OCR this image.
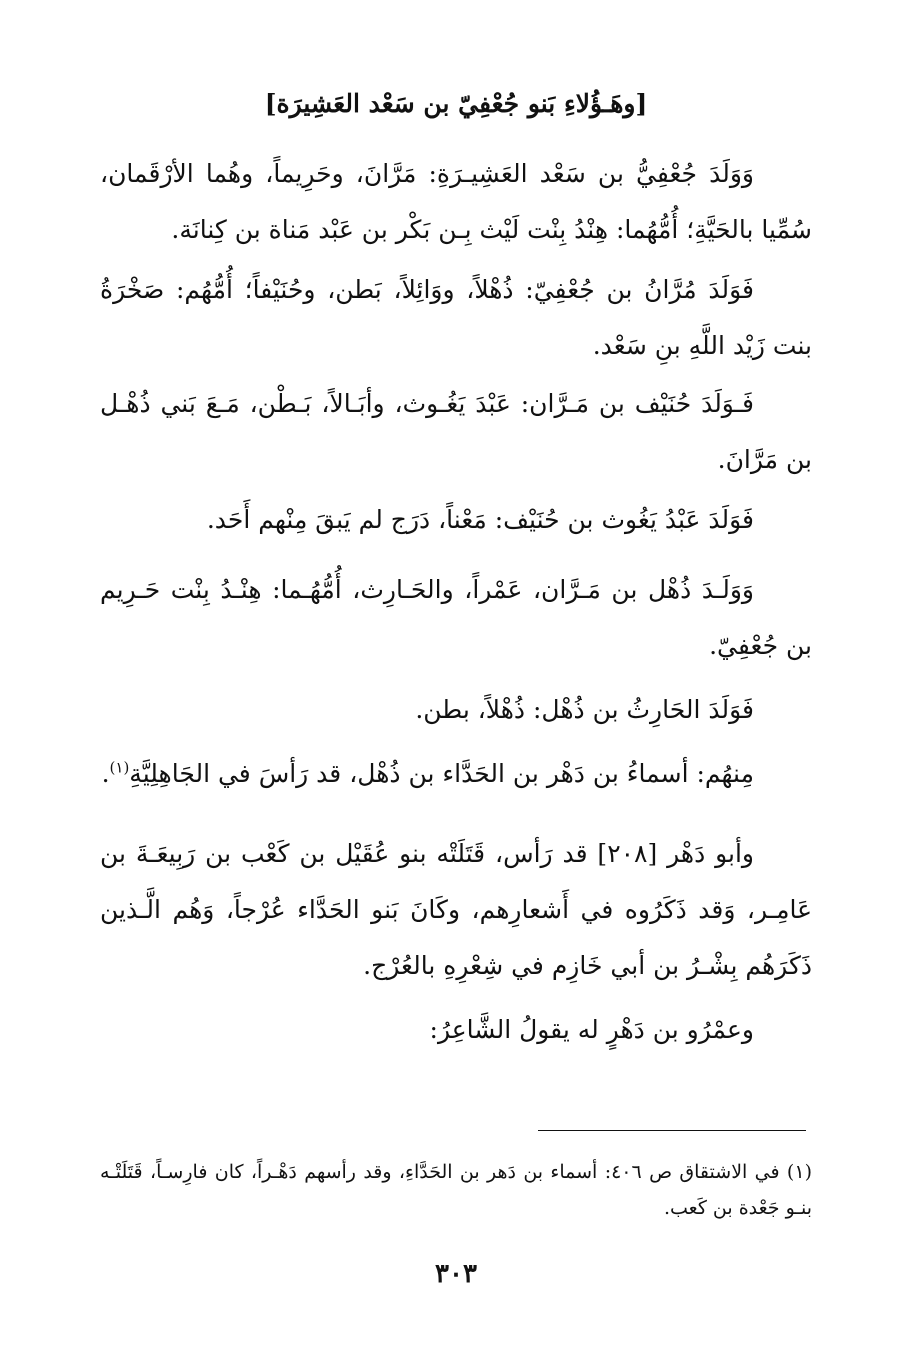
[وهَـؤُلاءِ بَنو جُعْفِيّ بن سَعْد العَشِيرَة]
وَوَلَدَ جُعْفِيُّ بن سَعْد العَشِيـرَةِ: مَرَّانَ، وحَرِيماً، وهُما الأرْقَمان، سُمِّيا بالحَيَّةِ؛ أُمُّهُما: هِنْدُ بِنْت لَيْث بِـن بَكْر بن عَبْد مَناة بن كِنانَة.
فَوَلَدَ مُرَّانُ بن جُعْفِيّ: ذُهْلاً، ووَائِلاً، بَطن، وحُنَيْفاً؛ أُمُّهُم: صَخْرَةُ بنت زَيْد اللَّهِ بنِ سَعْد.
فَـوَلَدَ حُنَيْف بن مَـرَّان: عَبْدَ يَغُـوث، وأبَـالاً، بَـطْن، مَـعَ بَني ذُهْـل بن مَرَّانَ.
فَوَلَدَ عَبْدُ يَغُوث بن حُنَيْف: مَعْناً، دَرَج لم يَبقَ مِنْهم أَحَد.
وَوَلَـدَ ذُهْل بن مَـرَّان، عَمْراً، والحَـارِث، أُمُّهُـما: هِنْـدُ بِنْت حَـرِيم بن جُعْفِيّ.
فَوَلَدَ الحَارِثُ بن ذُهْل: ذُهْلاً، بطن.
مِنهُم: أسماءُ بن دَهْر بن الحَدَّاء بن ذُهْل، قد رَأسَ في الجَاهِلِيَّةِ$^{(١)}$.
وأبو دَهْر [٢٠٨] قد رَأس، قَتَلَتْه بنو عُقَيْل بن كَعْب بن رَبِيعَـةَ بن عَامِـر، وَقد ذَكَرُوه في أَشعارِهم، وكَانَ بَنو الحَدَّاء عُرْجاً، وَهُم الَّـذين ذَكَرَهُم بِشْـرُ بن أبي خَازِم في شِعْرِهِ بالعُرْج.
وعمْرُو بن دَهْرٍ له يقولُ الشَّاعِرُ:
(١) في الاشتقاق ص ٤٠٦: أسماء بن دَهر بن الحَدَّاءِ، وقد رأسهم دَهْـراً، كان فارِسـاً، قَتَلَتْـه بنـو جَعْدة بن كَعب.
٣٠٣
